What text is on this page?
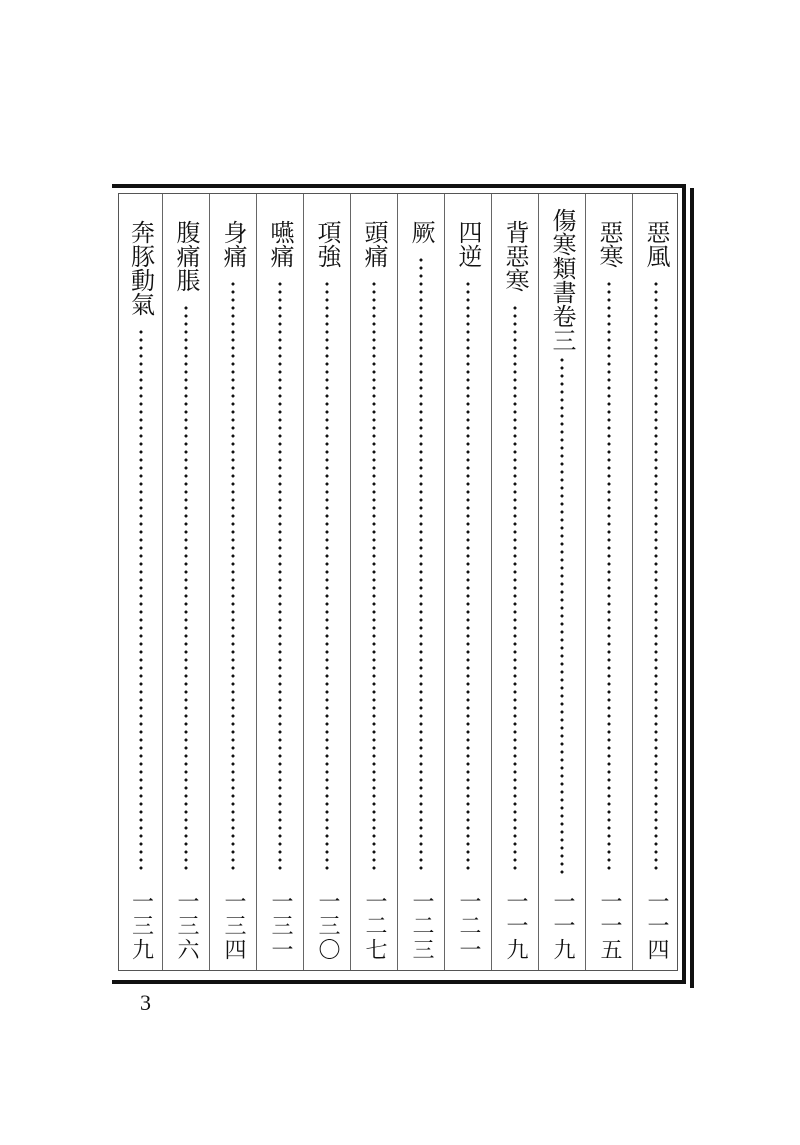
惡風
一一四
惡寒
一一五
傷寒類書卷三
一一九
背惡寒
一一九
四逆
一二一
厥
一二三
頭痛
一二七
項強
一三〇
嚥痛
一三一
身痛
一三四
腹痛脹
一三六
奔豚動氣
一三九
3
